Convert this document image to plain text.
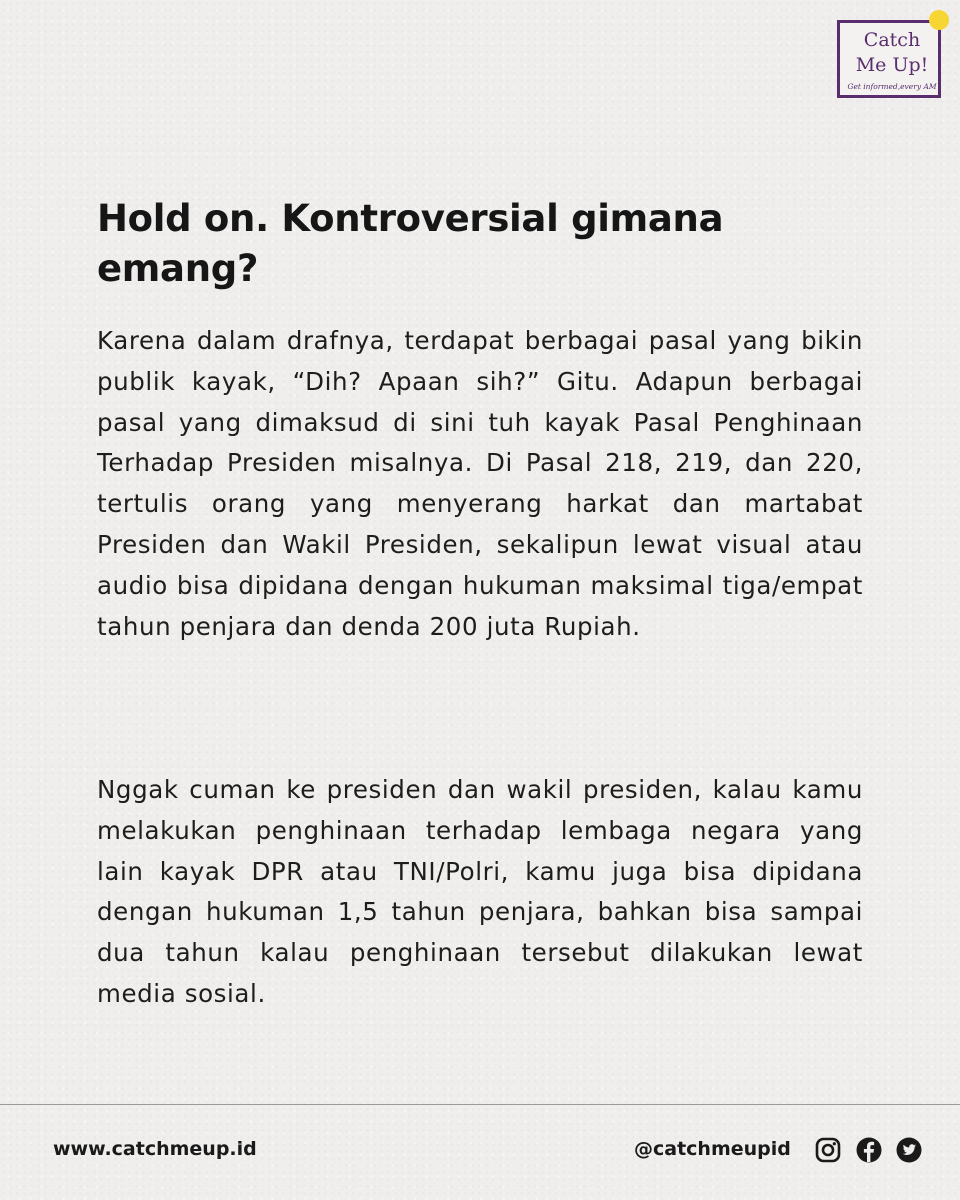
Catch
Me Up!
Get informed,every AM
Hold on. Kontroversial gimana emang?

Karena dalam drafnya, terdapat berbagai pasal yang bikin publik kayak, “Dih? Apaan sih?” Gitu. Adapun berbagai pasal yang dimaksud di sini tuh kayak Pasal Penghinaan Terhadap Presiden misalnya. Di Pasal 218, 219, dan 220, tertulis orang yang menyerang harkat dan martabat Presiden dan Wakil Presiden, sekalipun lewat visual atau audio bisa dipidana dengan hukuman maksimal tiga/empat tahun penjara dan denda 200 juta Rupiah.

Nggak cuman ke presiden dan wakil presiden, kalau kamu melakukan penghinaan terhadap lembaga negara yang lain kayak DPR atau TNI/Polri, kamu juga bisa dipidana dengan hukuman 1,5 tahun penjara, bahkan bisa sampai dua tahun kalau penghinaan tersebut dilakukan lewat media sosial.

www.catchmeup.id	@catchmeupid
